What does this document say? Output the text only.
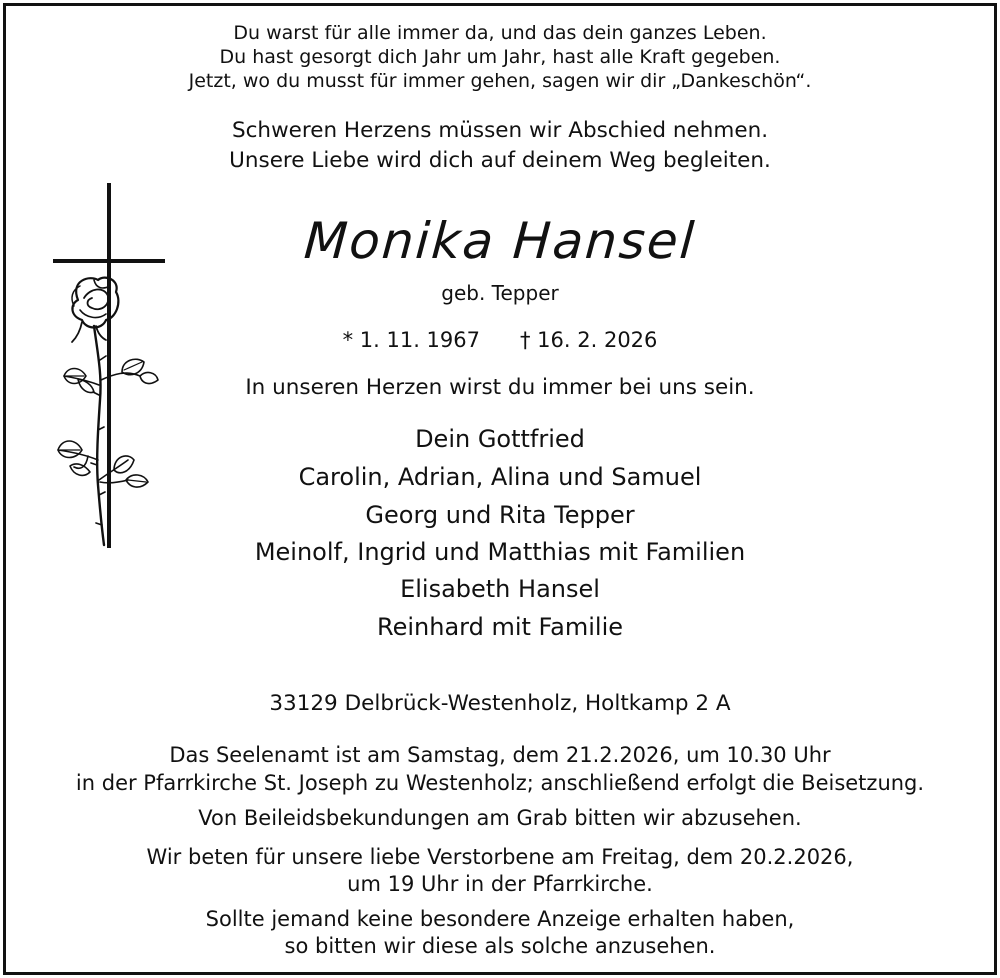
Du warst für alle immer da, und das dein ganzes Leben.
Du hast gesorgt dich Jahr um Jahr, hast alle Kraft gegeben.
Jetzt, wo du musst für immer gehen, sagen wir dir „Dankeschön“.
Schweren Herzens müssen wir Abschied nehmen.
Unsere Liebe wird dich auf deinem Weg begleiten.
Monika Hansel
geb. Tepper
* 1. 11. 1967 † 16. 2. 2026
In unseren Herzen wirst du immer bei uns sein.
Dein Gottfried
Carolin, Adrian, Alina und Samuel
Georg und Rita Tepper
Meinolf, Ingrid und Matthias mit Familien
Elisabeth Hansel
Reinhard mit Familie
33129 Delbrück-Westenholz, Holtkamp 2 A
Das Seelenamt ist am Samstag, dem 21.2.2026, um 10.30 Uhr
in der Pfarrkirche St. Joseph zu Westenholz; anschließend erfolgt die Beisetzung.
Von Beileidsbekundungen am Grab bitten wir abzusehen.
Wir beten für unsere liebe Verstorbene am Freitag, dem 20.2.2026,
um 19 Uhr in der Pfarrkirche.
Sollte jemand keine besondere Anzeige erhalten haben,
so bitten wir diese als solche anzusehen.
